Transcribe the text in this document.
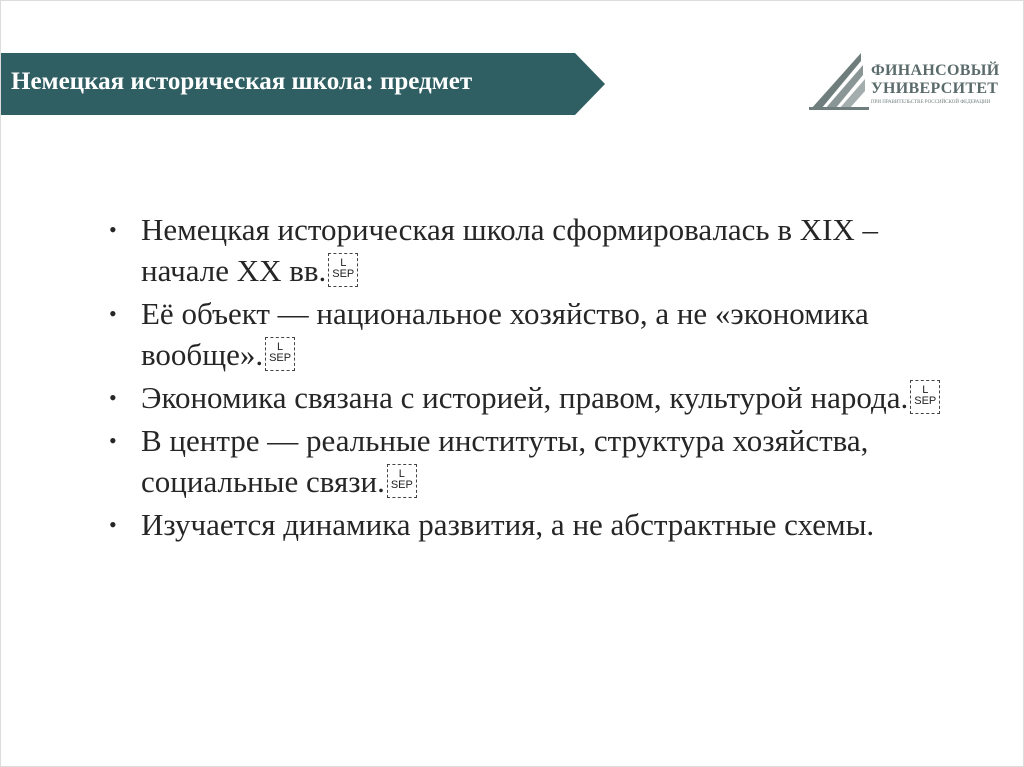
Немецкая историческая школа: предмет	ФИНАНСОВЫЙ
УНИВЕРСИТЕТ
ПРИ ПРАВИТЕЛЬСТВЕ РОССИЙСКОЙ ФЕДЕРАЦИИ
• Немецкая историческая школа сформировалась в XIX – начале XX вв. L
SEP
• Её объект — национальное хозяйство, а не «экономика вообще». L
SEP
• Экономика связана с историей, правом, культурой народа. L
SEP
• В центре — реальные институты, структура хозяйства, социальные связи. L
SEP
• Изучается динамика развития, а не абстрактные схемы.
